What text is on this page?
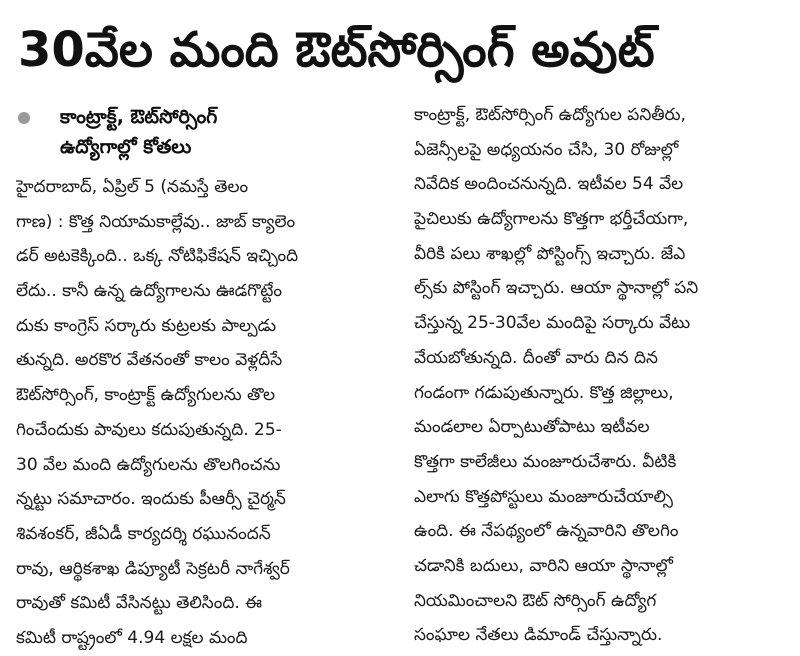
30వేల మంది ఔట్‌సోర్సింగ్ అవుట్
కాంట్రాక్ట్, ఔట్‌సోర్సింగ్
ఉద్యోగాల్లో కోతలు
హైదరాబాద్, ఏప్రిల్ 5 (నమస్తే తెలం
గాణ) : కొత్త నియామకాల్లేవు.. జాబ్ క్యాలెం
డర్ అటకెక్కింది.. ఒక్క నోటిఫికేషన్ ఇచ్చింది
లేదు.. కానీ ఉన్న ఉద్యోగాలను ఊడగొట్టేం
దుకు కాంగ్రెస్ సర్కారు కుట్రలకు పాల్పడు
తున్నది. అరకొర వేతనంతో కాలం వెళ్లదీసే
ఔట్‌సోర్సింగ్, కాంట్రాక్ట్ ఉద్యోగులను తొల
గించేందుకు పావులు కదుపుతున్నది. 25-
30 వేల మంది ఉద్యోగులను తొలగించను
న్నట్టు సమాచారం. ఇందుకు పీఆర్సీ చైర్మన్
శివశంకర్, జీఏడీ కార్యదర్శి రఘునందన్
రావు, ఆర్థికశాఖ డిప్యూటీ సెక్రటరీ నాగేశ్వర్
రావుతో కమిటీ వేసినట్టు తెలిసింది. ఈ
కమిటీ రాష్ట్రంలో 4.94 లక్షల మంది
కాంట్రాక్ట్, ఔట్‌సోర్సింగ్ ఉద్యోగుల పనితీరు,
ఏజెన్సీలపై అధ్యయనం చేసి, 30 రోజుల్లో
నివేదిక అందించనున్నది. ఇటీవల 54 వేల
పైచిలుకు ఉద్యోగాలను కొత్తగా భర్తీచేయగా,
వీరికి పలు శాఖల్లో పోస్టింగ్స్ ఇచ్చారు. జేఎ
ల్స్‌కు పోస్టింగ్ ఇచ్చారు. ఆయా స్థానాల్లో పని
చేస్తున్న 25-30వేల మందిపై సర్కారు వేటు
వేయబోతున్నది. దీంతో వారు దిన దిన
గండంగా గడుపుతున్నారు. కొత్త జిల్లాలు,
మండలాల ఏర్పాటుతోపాటు ఇటీవల
కొత్తగా కాలేజీలు మంజూరుచేశారు. వీటికి
ఎలాగు కొత్తపోస్టులు మంజూరుచేయాల్సి
ఉంది. ఈ నేపథ్యంలో ఉన్నవారిని తొలగిం
చడానికి బదులు, వారిని ఆయా స్థానాల్లో
నియమించాలని ఔట్ సోర్సింగ్ ఉద్యోగ
సంఘాల నేతలు డిమాండ్ చేస్తున్నారు.
